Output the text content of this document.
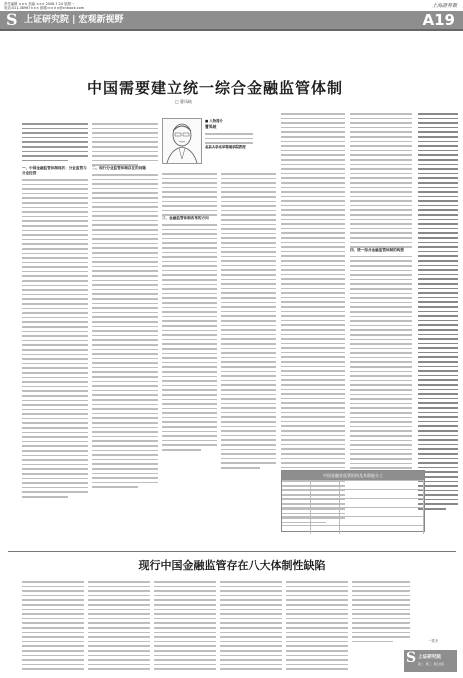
责任编辑 ××× 美编 ××× 2006.7.24 星期一
电话:021-38967××× 邮箱:××××@cnstock.com	上海證券報
S 上证研究院 | 宏观新视野	A19
中国需要建立统一综合金融监管体制
□ 曹凤岐
■ 人物简介
曹凤岐
北京大学光华管理学院教授
一、中国金融监管体制现状：分业监管与分业经营
二、现行分业监管体制存在的问题
三、金融监管体制改革的方向
四、统一综合金融监管体制的构想
中国金融业监管机构及其职能分工
现行中国金融监管存在八大体制性缺陷
一笑天
S 上证研究院
第二、周三、周五出版
